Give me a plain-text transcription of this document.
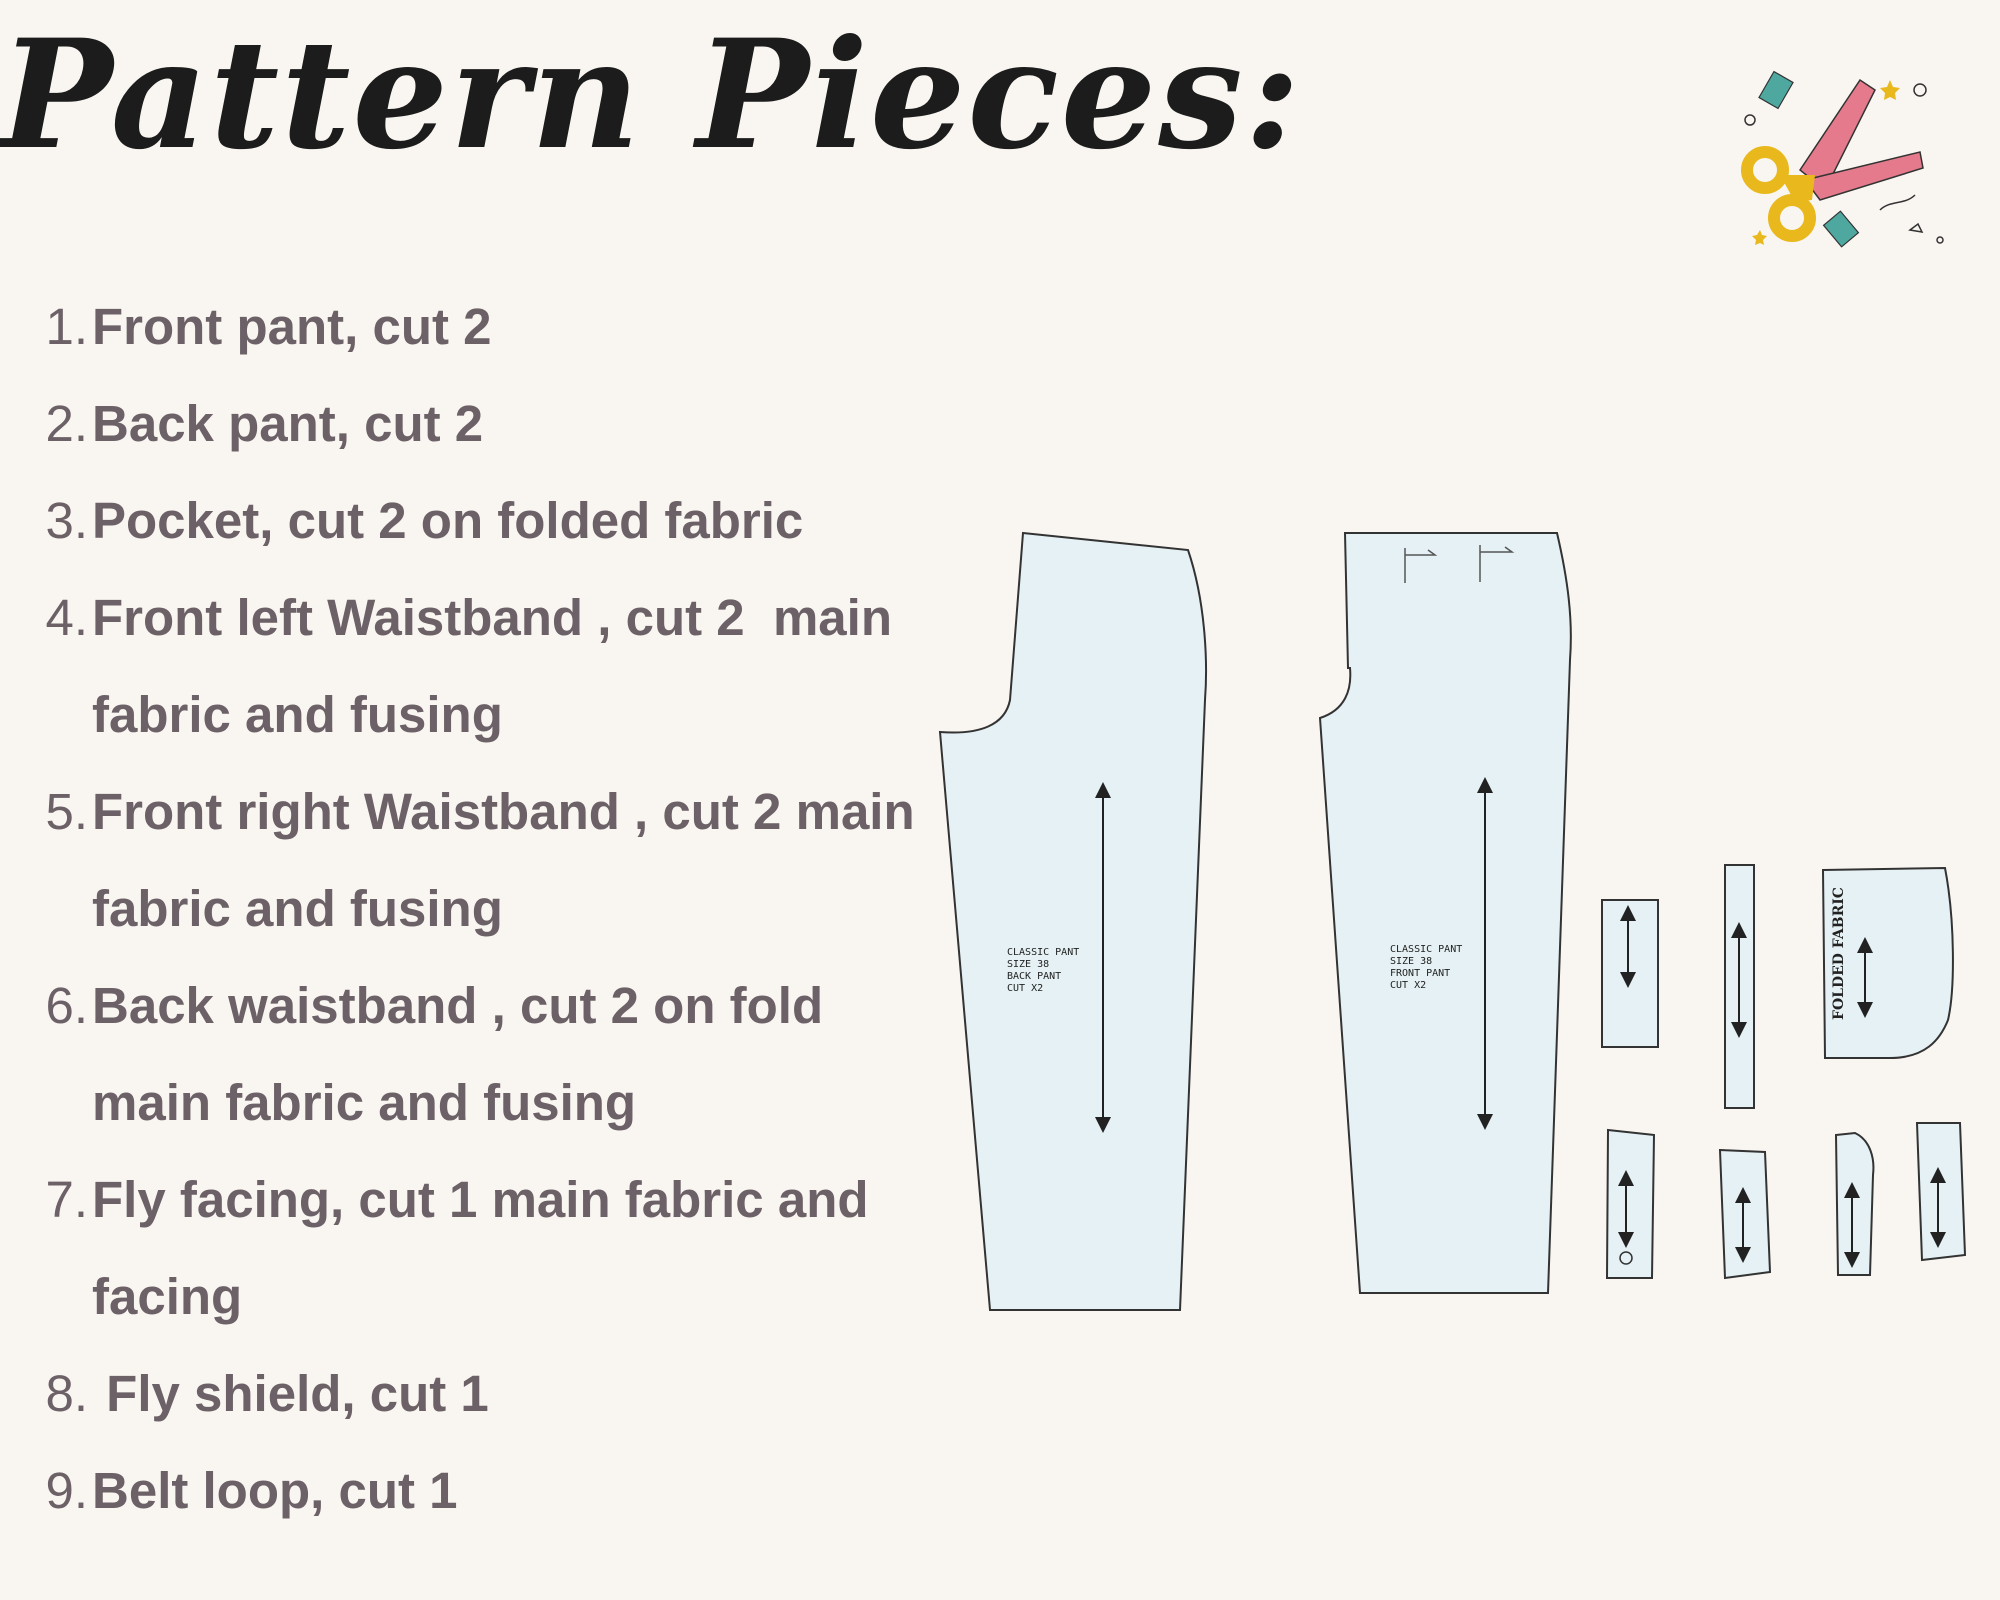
Pattern Pieces:
1. Front pant, cut 2
2. Back pant, cut 2
3. Pocket, cut 2 on folded fabric
4. Front left Waistband , cut 2  main
fabric and fusing
5. Front right Waistband , cut 2 main
fabric and fusing
6. Back waistband , cut 2 on fold
main fabric and fusing
7. Fly facing, cut 1 main fabric and
facing
8. Fly shield, cut 1
9. Belt loop, cut 1
CLASSIC PANT SIZE 38 BACK PANT CUT X2
CLASSIC PANT SIZE 38 FRONT PANT CUT X2	FOLDED FABRIC
